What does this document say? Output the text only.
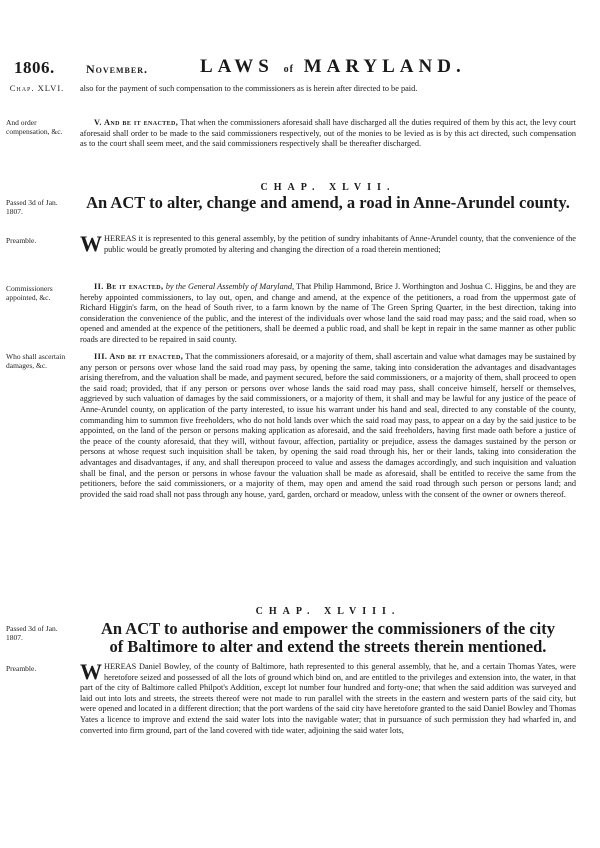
1806.	November.	LAWS of MARYLAND.
Chap. XLVI.	also for the payment of such compensation to the commissioners as is herein after directed to be paid.
And order compensation, &c.
V. And be it enacted, That when the commissioners aforesaid shall have discharged all the duties required of them by this act, the levy court aforesaid shall order to be made to the said commissioners respectively, out of the monies to be levied as is by this act directed, such compensation as to the court shall seem meet, and the said commissioners respectively shall be thereafter discharged.
CHAP. XLVII.
Passed 3d of Jan. 1807.	An ACT to alter, change and amend, a road in Anne-Arundel county.
Preamble.	WHEREAS it is represented to this general assembly, by the petition of sundry inhabitants of Anne-Arundel county, that the convenience of the public would be greatly promoted by altering and changing the direction of a road therein mentioned;
Commissioners appointed, &c.
II. Be it enacted, by the General Assembly of Maryland, That Philip Hammond, Brice J. Worthington and Joshua C. Higgins, be and they are hereby appointed commissioners, to lay out, open, and change and amend, at the expence of the petitioners, a road from the uppermost gate of Richard Higgin's farm, on the head of South river, to a farm known by the name of The Green Spring Quarter, in the best direction, taking into consideration the convenience of the public, and the interest of the individuals over whose land the said road may pass; and the said road, when so opened and amended at the expence of the petitioners, shall be deemed a public road, and shall be kept in repair in the same manner as other public roads are directed to be repaired in said county.
Who shall ascertain damages, &c.
III. And be it enacted, That the commissioners aforesaid, or a majority of them, shall ascertain and value what damages may be sustained by any person or persons over whose land the said road may pass, by opening the same, taking into consideration the advantages and disadvantages arising therefrom, and the valuation shall be made, and payment secured, before the said commissioners, or a majority of them, shall proceed to open the said road; provided, that if any person or persons over whose lands the said road may pass, shall conceive himself, herself or themselves, aggrieved by such valuation of damages by the said commissioners, or a majority of them, it shall and may be lawful for any justice of the peace of Anne-Arundel county, on application of the party interested, to issue his warrant under his hand and seal, directed to any constable of the county, commanding him to summon five freeholders, who do not hold lands over which the said road may pass, to appear on a day by the said justice to be appointed, on the land of the person or persons making application as aforesaid, and the said freeholders, having first made oath before a justice of the peace of the county aforesaid, that they will, without favour, affection, partiality or prejudice, assess the damages sustained by the person or persons at whose request such inquisition shall be taken, by opening the said road through his, her or their lands, taking into consideration the advantages and disadvantages, if any, and shall thereupon proceed to value and assess the damages accordingly, and such inquisition and valuation shall be final, and the person or persons in whose favour the valuation shall be made as aforesaid, shall be entitled to receive the same from the petitioners, before the said commissioners, or a majority of them, may open and amend the said road through such person or persons land; and provided the said road shall not pass through any house, yard, garden, orchard or meadow, unless with the consent of the owner or owners thereof.
CHAP. XLVIII.
Passed 3d of Jan. 1807.	An ACT to authorise and empower the commissioners of the city
of Baltimore to alter and extend the streets therein mentioned.
Preamble.	WHEREAS Daniel Bowley, of the county of Baltimore, hath represented to this general assembly, that he, and a certain Thomas Yates, were heretofore seized and possessed of all the lots of ground which bind on, and are entitled to the privileges and extension into, the water, in that part of the city of Baltimore called Philpot's Addition, except lot number four hundred and forty-one; that when the said addition was surveyed and laid out into lots and streets, the streets thereof were not made to run parallel with the streets in the eastern and western parts of the said city, but were opened and located in a different direction; that the port wardens of the said city have heretofore granted to the said Daniel Bowley and Thomas Yates a licence to improve and extend the said water lots into the navigable water; that in pursuance of such permission they had wharfed in, and converted into firm ground, part of the land covered with tide water, adjoining the said water lots,
